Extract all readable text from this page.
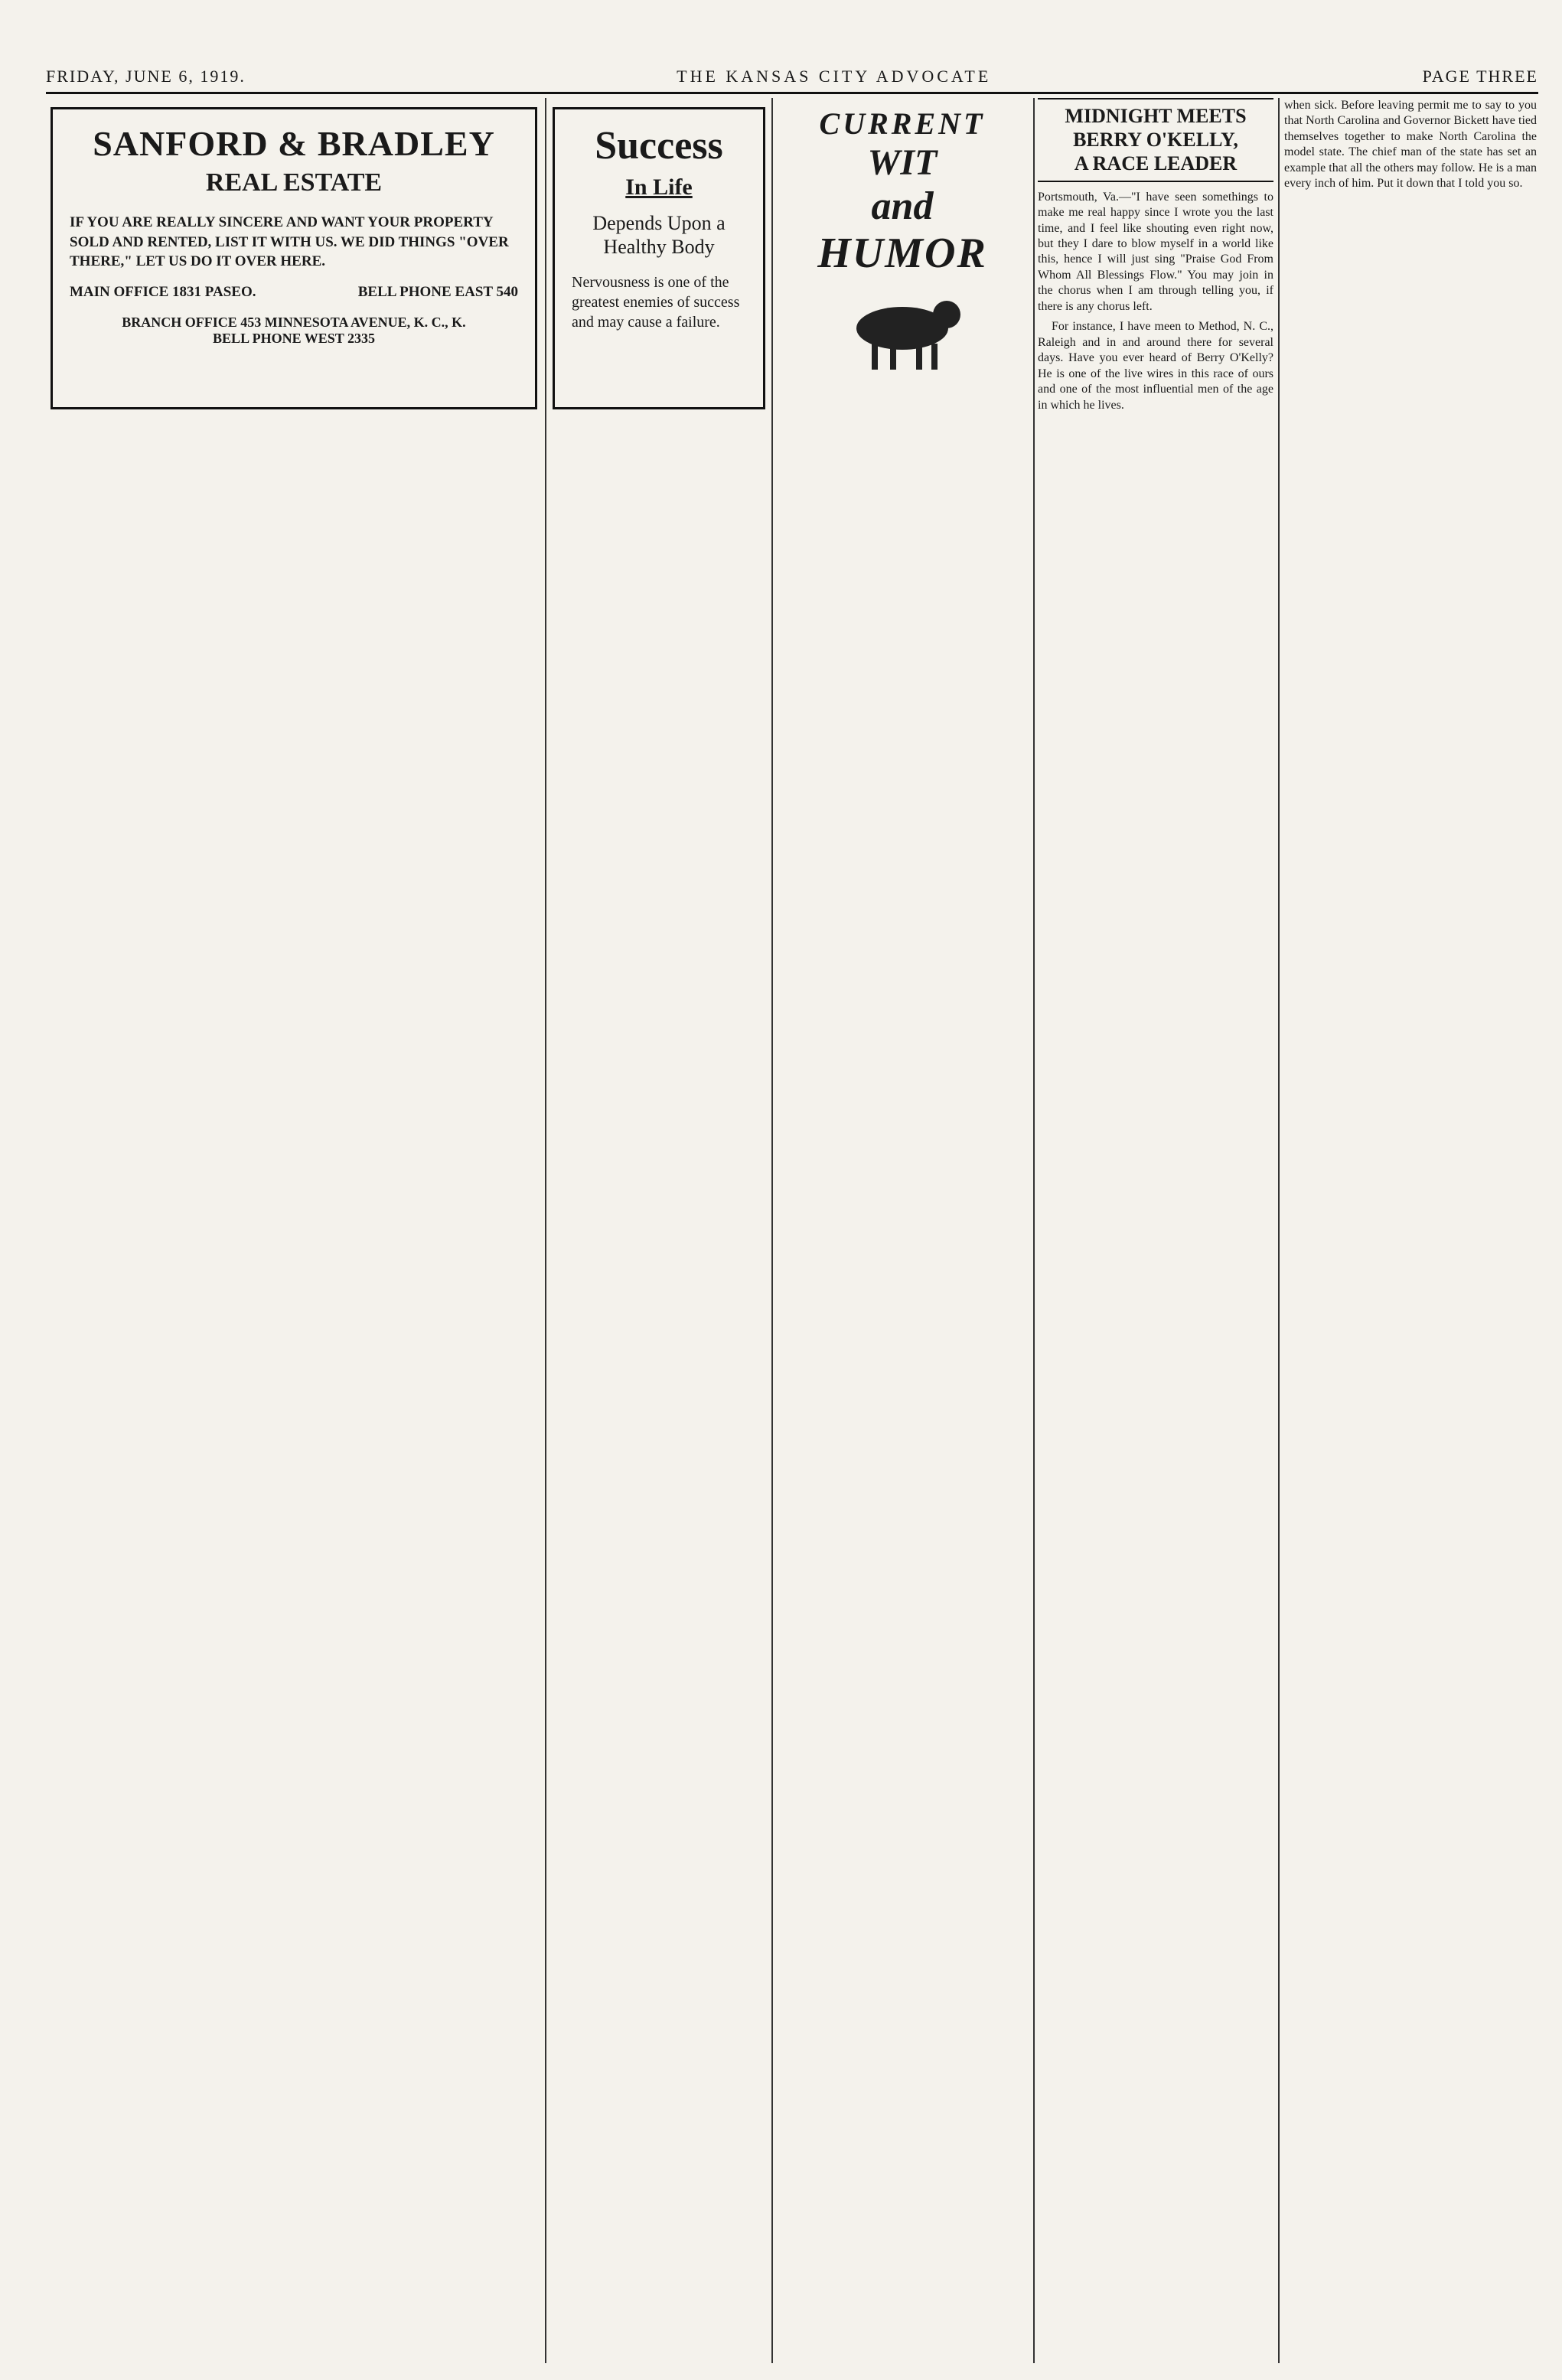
FRIDAY, JUNE 6, 1919.	THE KANSAS CITY ADVOCATE	PAGE THREE
SANFORD & BRADLEY
REAL ESTATE

IF YOU ARE REALLY SINCERE AND WANT YOUR PROPERTY SOLD AND RENTED, LIST IT WITH US. WE DID THINGS "OVER THERE," LET US DO IT OVER HERE.

MAIN OFFICE 1831 PASEO.	BELL PHONE EAST 540
BRANCH OFFICE 453 MINNESOTA AVENUE, K. C., K.
BELL PHONE WEST 2335
Success
In Life
Depends Upon a Healthy Body
Nervousness is one of the greatest enemies of success and may cause a failure.
CURRENT
WIT
and
HUMOR
MIDNIGHT MEETS
BERRY O'KELLY,
A RACE LEADER

Portsmouth, Va.—"I have seen somethings to make me real happy since I wrote you the last time, and I feel like shouting even right now, but they I dare to blow myself in a world like this, hence I will just sing "Praise God From Whom All Blessings Flow." You may join in the chorus when I am through telling you, if there is any chorus left.

For instance, I have meen to Method, N. C., Raleigh and in and around there for several days. Have you ever heard of Berry O'Kelly? He is one of the live wires in this race of ours and one of the most influential men of the age in which he lives.

when sick. Before leaving permit me to say to you that North Carolina and Governor Bickett have tied themselves together to make North Carolina the model state. The chief man of the state has set an example that all the others may follow. He is a man every inch of him. Put it down that I told you so.
